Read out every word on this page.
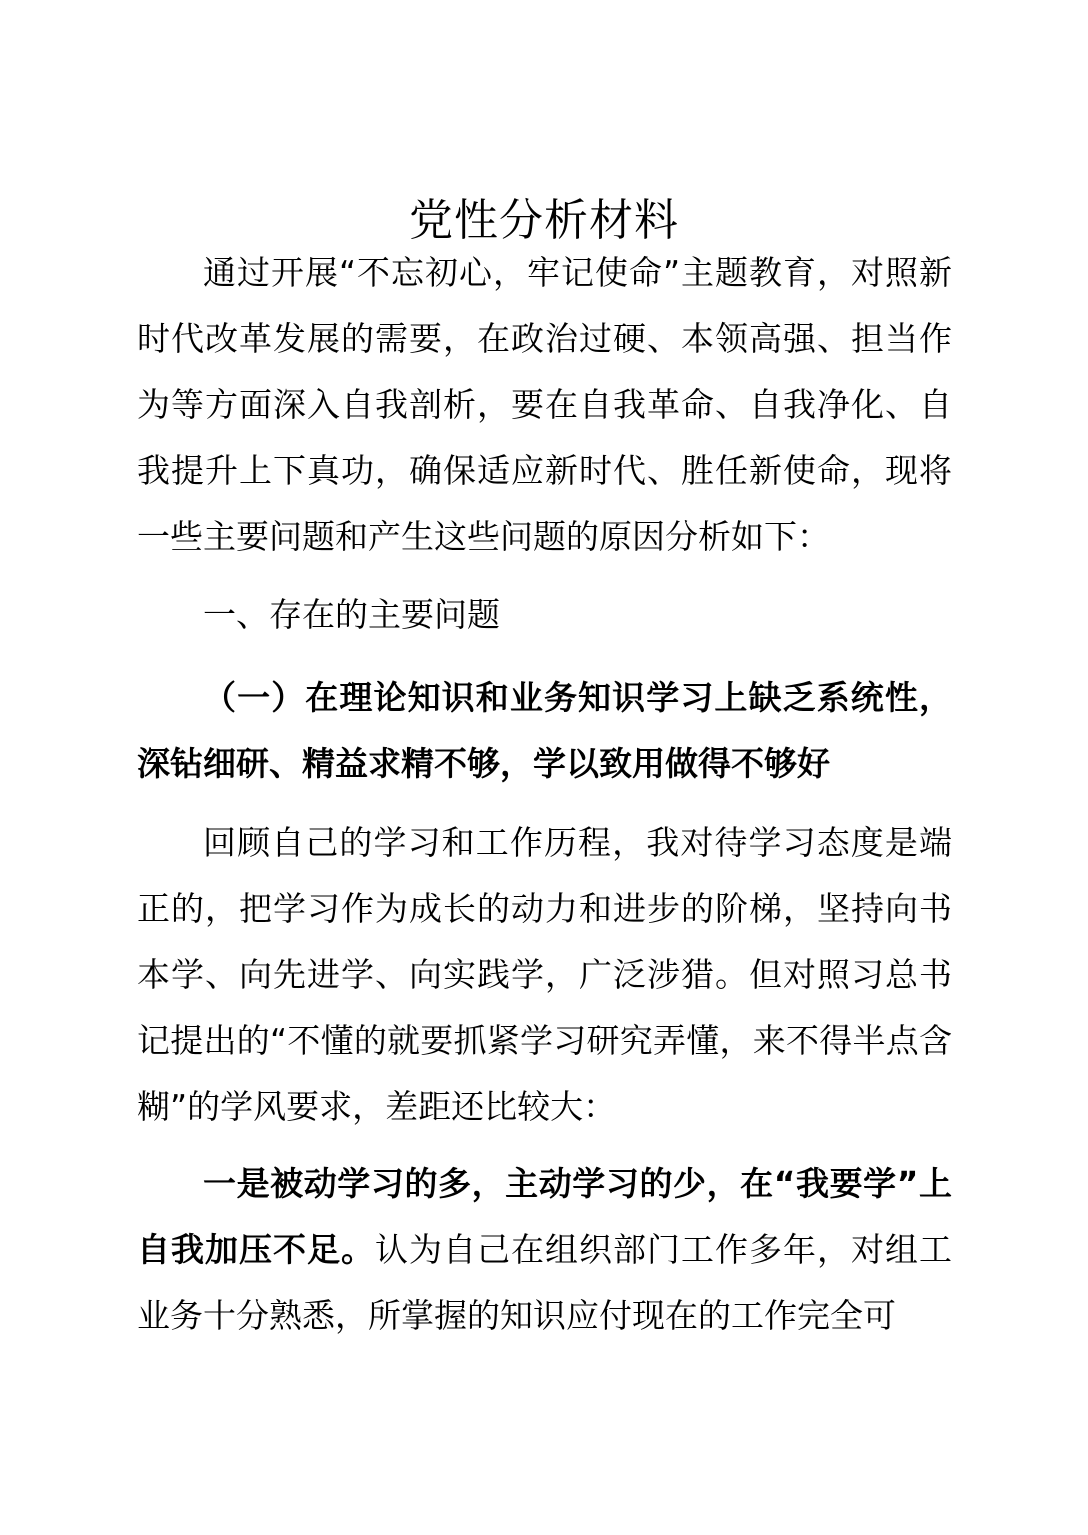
党性分析材料

通过开展“不忘初心，牢记使命”主题教育，对照新时代改革发展的需要，在政治过硬、本领高强、担当作为等方面深入自我剖析，要在自我革命、自我净化、自我提升上下真功，确保适应新时代、胜任新使命，现将一些主要问题和产生这些问题的原因分析如下：

一、存在的主要问题

（一）在理论知识和业务知识学习上缺乏系统性，深钻细研、精益求精不够，学以致用做得不够好

回顾自己的学习和工作历程，我对待学习态度是端正的，把学习作为成长的动力和进步的阶梯，坚持向书本学、向先进学、向实践学，广泛涉猎。但对照习总书记提出的“不懂的就要抓紧学习研究弄懂，来不得半点含糊”的学风要求，差距还比较大：

一是被动学习的多，主动学习的少，在“我要学”上自我加压不足。认为自己在组织部门工作多年，对组工业务十分熟悉，所掌握的知识应付现在的工作完全可
